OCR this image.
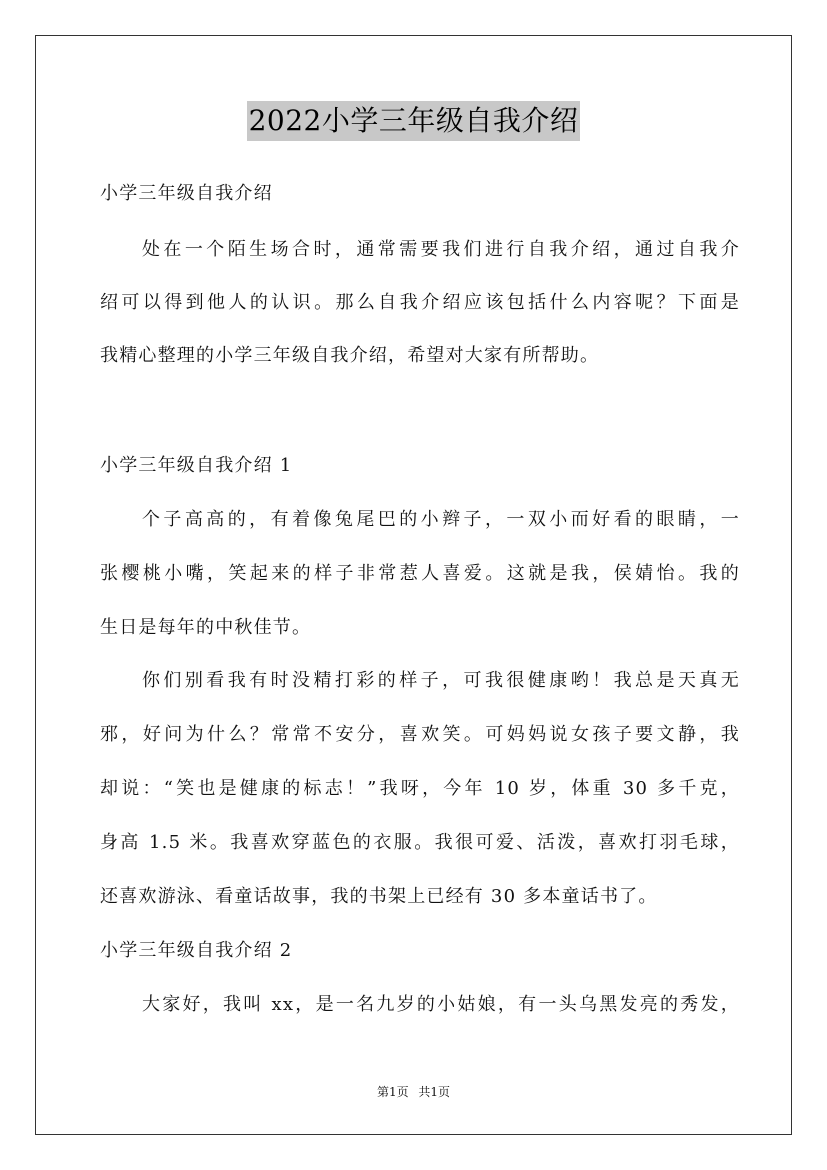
2022小学三年级自我介绍
小学三年级自我介绍
处在一个陌生场合时，通常需要我们进行自我介绍，通过自我介
绍可以得到他人的认识。那么自我介绍应该包括什么内容呢？下面是
我精心整理的小学三年级自我介绍，希望对大家有所帮助。
小学三年级自我介绍 1
个子高高的，有着像兔尾巴的小辫子，一双小而好看的眼睛，一
张樱桃小嘴，笑起来的样子非常惹人喜爱。这就是我，侯婧怡。我的
生日是每年的中秋佳节。
你们别看我有时没精打彩的样子，可我很健康哟！我总是天真无
邪，好问为什么？常常不安分，喜欢笑。可妈妈说女孩子要文静，我
却说：“笑也是健康的标志！”我呀，今年 10 岁，体重 30 多千克，
身高 1.5 米。我喜欢穿蓝色的衣服。我很可爱、活泼，喜欢打羽毛球，
还喜欢游泳、看童话故事，我的书架上已经有 30 多本童话书了。
小学三年级自我介绍 2
大家好，我叫 xx，是一名九岁的小姑娘，有一头乌黑发亮的秀发，
第1页 共1页
